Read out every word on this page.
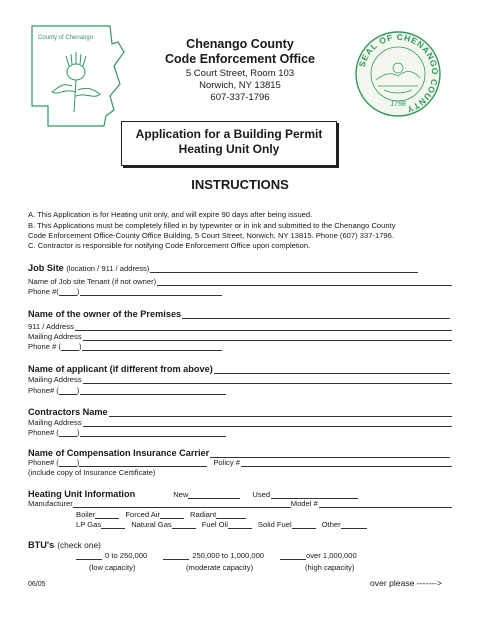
County of Chenango	Chenango County
Code Enforcement Office
5 Court Street, Room 103
Norwich, NY 13815
607-337-1796
SEAL OF CHENANGO COUNTY
1798
Application for a Building Permit
Heating Unit Only
INSTRUCTIONS
A. This Application is for Heating unit only, and will expire 90 days after being issued.
B. This Applications must be completely filled in by typewriter or in ink and submitted to the Chenango County
Code Enforcement Office-County Office Building, 5 Court Street, Norwich, NY 13815. Phone (607) 337-1796.
C. Contractor is responsible for notifying Code Enforcement Office upon completion.
Job Site (location / 911 / address)
Name of Job site Tenant (if not owner)
Phone #( )
Name of the owner of the Premises
911 / Address
Mailing Address
Phone # ( )
Name of applicant (if different from above)
Mailing Address
Phone# ( )
Contractors Name
Mailing Address
Phone# ( )
Name of Compensation Insurance Carrier
Phone# ( )	Policy #
(include copy of Insurance Certificate)
Heating Unit Information	New	Used
Manufacturer	Model #
Boiler	Forced Air	Radiant
LP Gas	Natural Gas	Fuel Oil	Solid Fuel	Other
BTU's (check one)
0 to 250,000	250,000 to 1,000,000	over 1,000,000
(low capacity)	(moderate capacity)	(high capacity)
06/05	over please ------->
